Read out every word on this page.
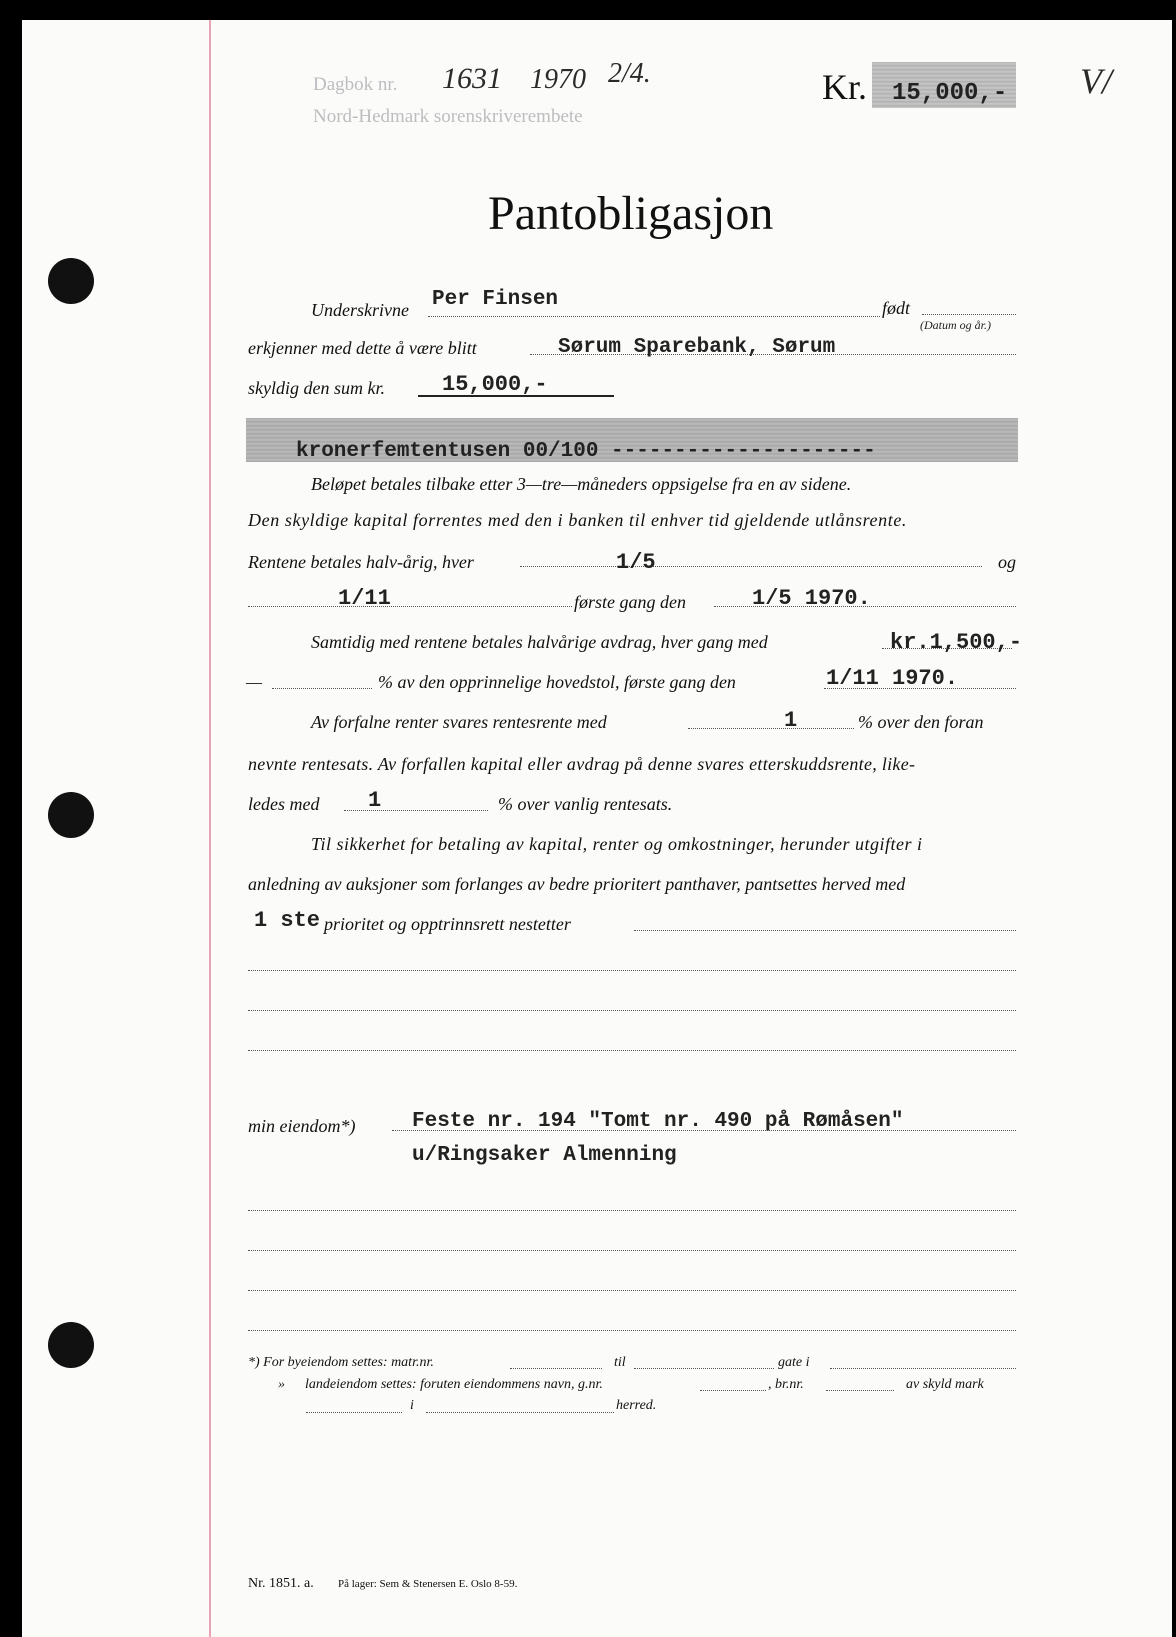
Dagbok nr. 1631 1970 2/4.
Nord-Hedmark sorenskriverembete
Kr. 15,000,- V/
Pantobligasjon
Underskrivne Per Finsen	født
(Datum og år.)
erkjenner med dette å være blitt	Sørum Sparebank, Sørum
skyldig den sum kr.	15,000,-
kronerfemtentusen 00/100 ---------------------
Beløpet betales tilbake etter 3—tre—måneders oppsigelse fra en av sidene.
Den skyldige kapital forrentes med den i banken til enhver tid gjeldende utlånsrente.
Rentene betales halv-årig, hver	1/5	og
1/11	første gang den	1/5 1970.
Samtidig med rentene betales halvårige avdrag, hver gang med	kr.1,500,-
—	% av den opprinnelige hovedstol, første gang den	1/11 1970.
Av forfalne renter svares rentesrente med	1	% over den foran
nevnte rentesats. Av forfallen kapital eller avdrag på denne svares etterskuddsrente, like-
ledes med 1	% over vanlig rentesats.
Til sikkerhet for betaling av kapital, renter og omkostninger, herunder utgifter i
anledning av auksjoner som forlanges av bedre prioritert panthaver, pantsettes herved med
1 ste prioritet og opptrinnsrett nestetter
min eiendom*)	Feste nr. 194 "Tomt nr. 490 på Rømåsen"
u/Ringsaker Almenning
*) For byeiendom settes: matr.nr.	til	gate i
» landeiendom settes: foruten eiendommens navn, g.nr.	, br.nr.	av skyld mark
i	herred.
Nr. 1851. a. På lager: Sem & Stenersen E. Oslo 8-59.
